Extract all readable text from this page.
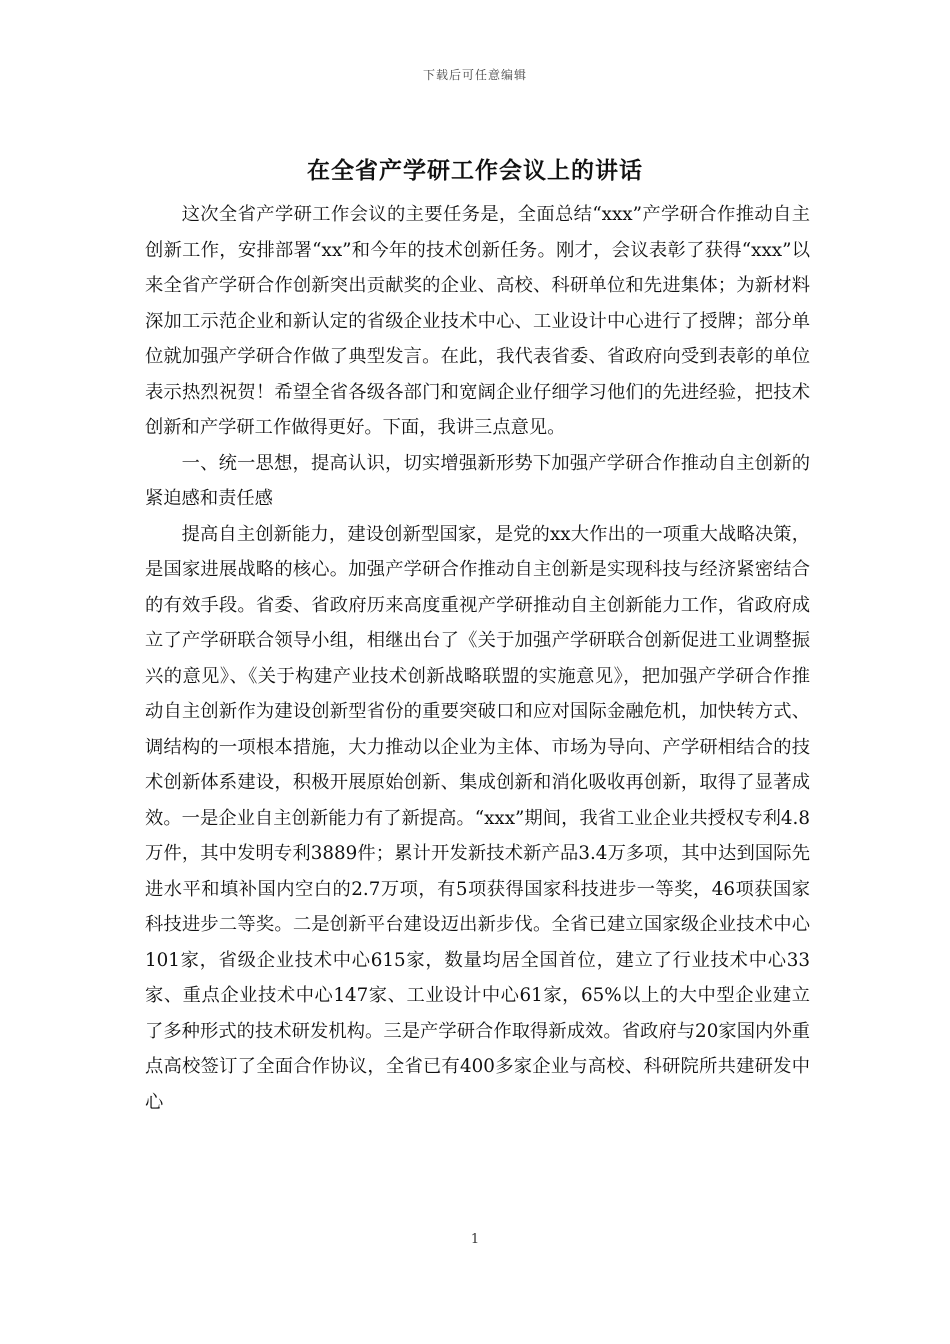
下载后可任意编辑
在全省产学研工作会议上的讲话

这次全省产学研工作会议的主要任务是，全面总结“xxx”产学研合作推动自主创新工作，安排部署“xx”和今年的技术创新任务。刚才，会议表彰了获得“xxx”以来全省产学研合作创新突出贡献奖的企业、高校、科研单位和先进集体；为新材料深加工示范企业和新认定的省级企业技术中心、工业设计中心进行了授牌；部分单位就加强产学研合作做了典型发言。在此，我代表省委、省政府向受到表彰的单位表示热烈祝贺！希望全省各级各部门和宽阔企业仔细学习他们的先进经验，把技术创新和产学研工作做得更好。下面，我讲三点意见。

一、统一思想，提高认识，切实增强新形势下加强产学研合作推动自主创新的紧迫感和责任感

提高自主创新能力，建设创新型国家，是党的xx大作出的一项重大战略决策，是国家进展战略的核心。加强产学研合作推动自主创新是实现科技与经济紧密结合的有效手段。省委、省政府历来高度重视产学研推动自主创新能力工作，省政府成立了产学研联合领导小组，相继出台了《关于加强产学研联合创新促进工业调整振兴的意见》、《关于构建产业技术创新战略联盟的实施意见》，把加强产学研合作推动自主创新作为建设创新型省份的重要突破口和应对国际金融危机，加快转方式、调结构的一项根本措施，大力推动以企业为主体、市场为导向、产学研相结合的技术创新体系建设，积极开展原始创新、集成创新和消化吸收再创新，取得了显著成效。一是企业自主创新能力有了新提高。“xxx”期间，我省工业企业共授权专利4.8万件，其中发明专利3889件；累计开发新技术新产品3.4万多项，其中达到国际先进水平和填补国内空白的2.7万项，有5项获得国家科技进步一等奖，46项获国家科技进步二等奖。二是创新平台建设迈出新步伐。全省已建立国家级企业技术中心101家，省级企业技术中心615家，数量均居全国首位，建立了行业技术中心33家、重点企业技术中心147家、工业设计中心61家，65%以上的大中型企业建立了多种形式的技术研发机构。三是产学研合作取得新成效。省政府与20家国内外重点高校签订了全面合作协议，全省已有400多家企业与高校、科研院所共建研发中心

1
